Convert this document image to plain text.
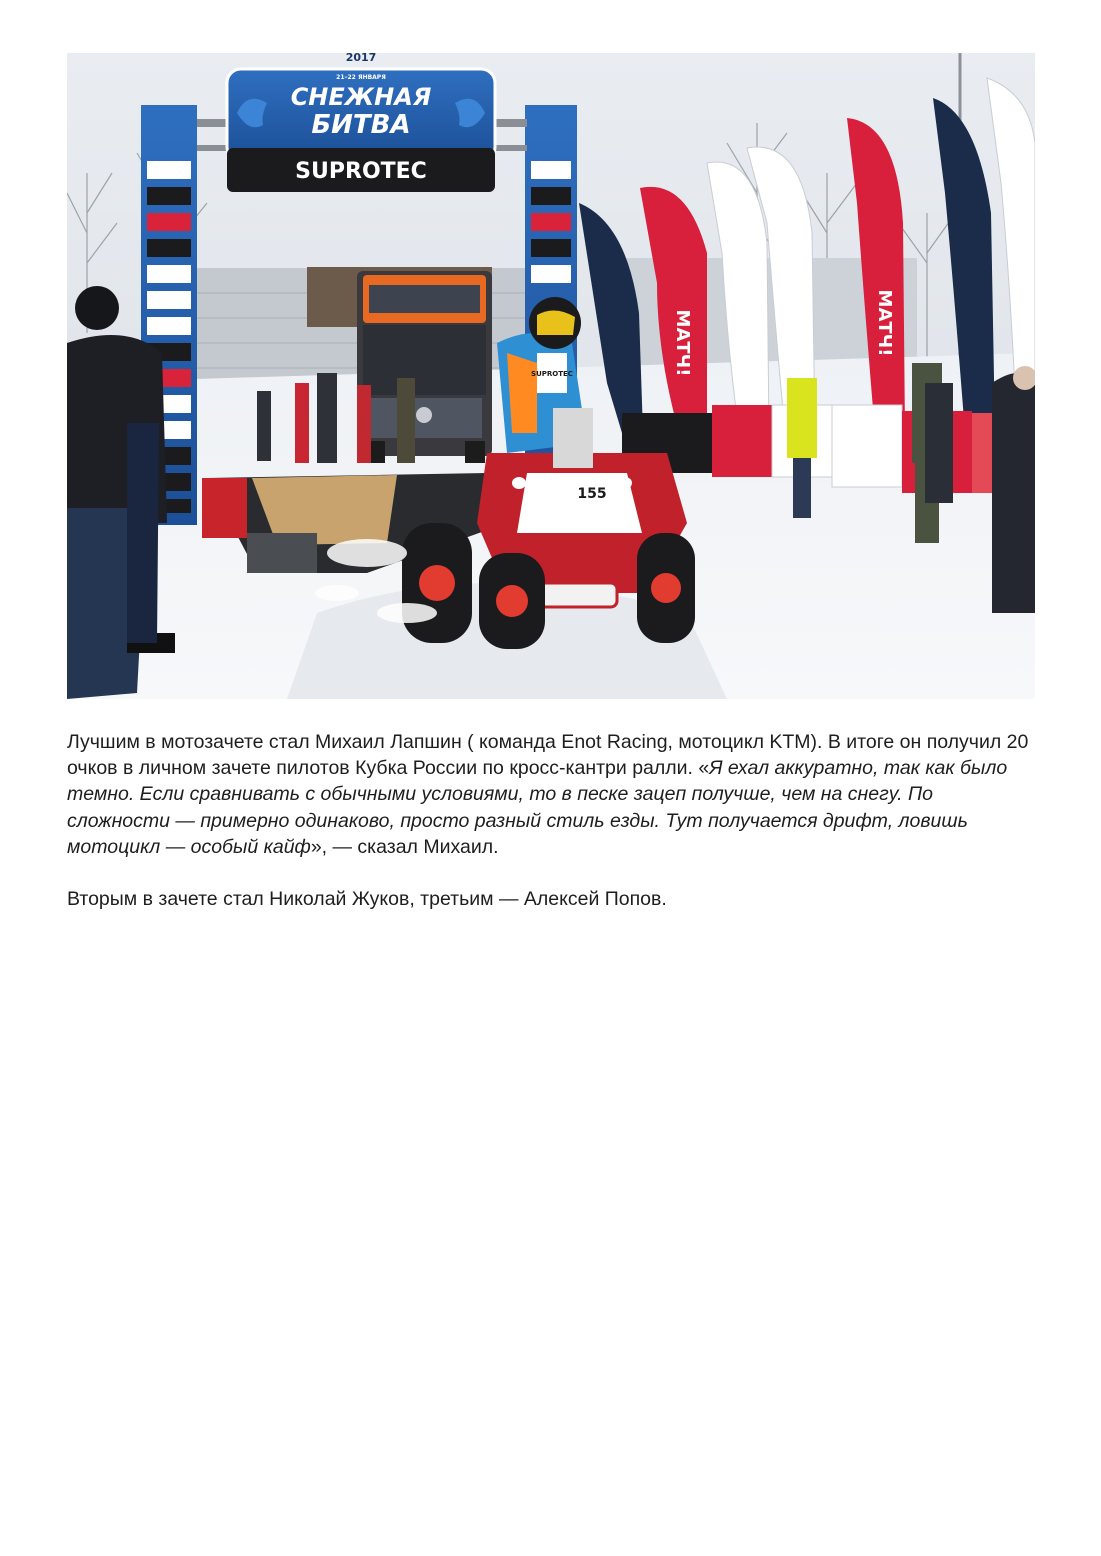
2017
21–22 ЯНВАРЯ
СНЕЖНАЯ
БИТВА
SUPROTEC
МАТЧ!	МАТЧ!
SUPROTEC
155

Лучшим в мотозачете стал Михаил Лапшин ( команда Enot Racing, мотоцикл KTM). В итоге он получил 20 очков в личном зачете пилотов Кубка России по кросс-кантри ралли. «Я ехал аккуратно, так как было темно. Если сравнивать с обычными условиями, то в песке зацеп получше, чем на снегу. По сложности — примерно одинаково, просто разный стиль езды. Тут получается дрифт, ловишь мотоцикл — особый кайф», — сказал Михаил.

Вторым в зачете стал Николай Жуков, третьим — Алексей Попов.
